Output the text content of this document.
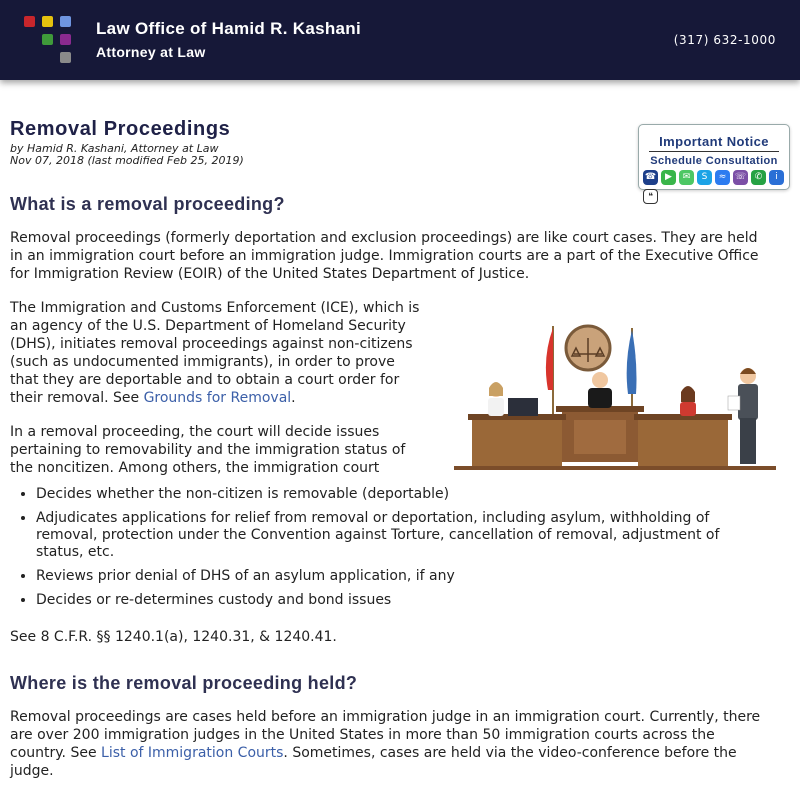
Law Office of Hamid R. Kashani
Attorney at Law
(317) 632-1000
Important Notice
Schedule Consultation
☎ ▶ ✉ S ≈ ☏ ✆ i❝
Removal Proceedings
by Hamid R. Kashani, Attorney at Law
Nov 07, 2018 (last modified Feb 25, 2019)
What is a removal proceeding?

Removal proceedings (formerly deportation and exclusion proceedings) are like court cases. They are held in an immigration court before an immigration judge. Immigration courts are a part of the Executive Office for Immigration Review (EOIR) of the United States Department of Justice.

The Immigration and Customs Enforcement (ICE), which is an agency of the U.S. Department of Homeland Security (DHS), initiates removal proceedings against non-citizens (such as undocumented immigrants), in order to prove that they are deportable and to obtain a court order for their removal. See Grounds for Removal.

In a removal proceeding, the court will decide issues pertaining to removability and the immigration status of the noncitizen. Among others, the immigration court

• Decides whether the non-citizen is removable (deportable)
• Adjudicates applications for relief from removal or deportation, including asylum, withholding of removal, protection under the Convention against Torture, cancellation of removal, adjustment of status, etc.
• Reviews prior denial of DHS of an asylum application, if any
• Decides or re-determines custody and bond issues

See 8 C.F.R. §§ 1240.1(a), 1240.31, & 1240.41.

Where is the removal proceeding held?

Removal proceedings are cases held before an immigration judge in an immigration court. Currently, there are over 200 immigration judges in the United States in more than 50 immigration courts across the country. See List of Immigration Courts. Sometimes, cases are held via the video-conference before the judge.
